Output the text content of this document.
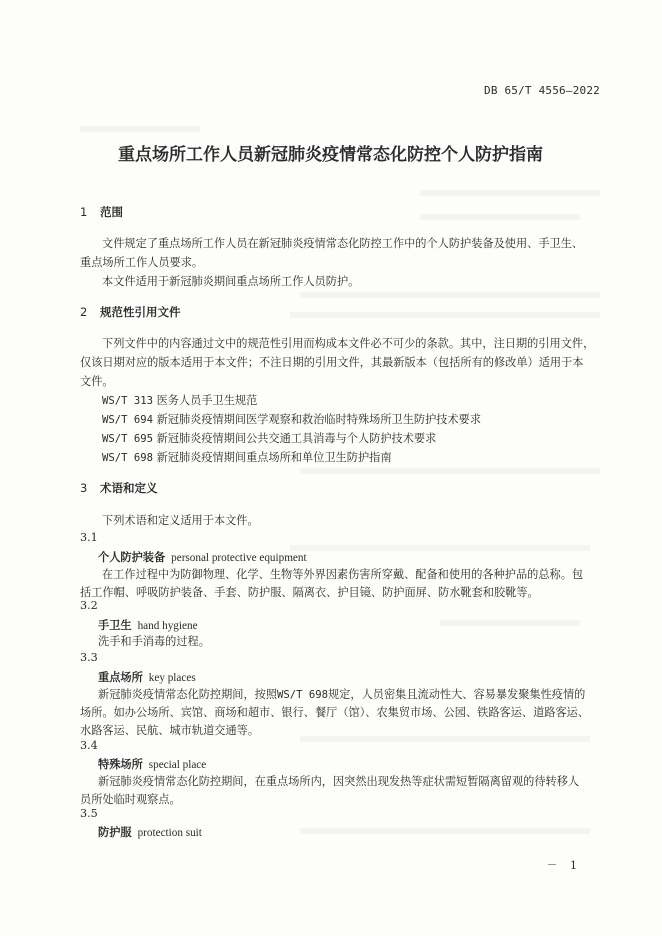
DB 65/T 4556—2022
重点场所工作人员新冠肺炎疫情常态化防控个人防护指南
1 范围
文件规定了重点场所工作人员在新冠肺炎疫情常态化防控工作中的个人防护装备及使用、手卫生、
重点场所工作人员要求。
本文件适用于新冠肺炎期间重点场所工作人员防护。
2 规范性引用文件
下列文件中的内容通过文中的规范性引用而构成本文件必不可少的条款。其中，注日期的引用文件，
仅该日期对应的版本适用于本文件；不注日期的引用文件，其最新版本（包括所有的修改单）适用于本
文件。
WS/T 313 医务人员手卫生规范
WS/T 694 新冠肺炎疫情期间医学观察和救治临时特殊场所卫生防护技术要求
WS/T 695 新冠肺炎疫情期间公共交通工具消毒与个人防护技术要求
WS/T 698 新冠肺炎疫情期间重点场所和单位卫生防护指南
3 术语和定义
下列术语和定义适用于本文件。
3.1
个人防护装备 personal protective equipment
在工作过程中为防御物理、化学、生物等外界因素伤害所穿戴、配备和使用的各种护品的总称。包
括工作帽、呼吸防护装备、手套、防护服、隔离衣、护目镜、防护面屏、防水靴套和胶靴等。
3.2
手卫生 hand hygiene
洗手和手消毒的过程。
3.3
重点场所 key places
新冠肺炎疫情常态化防控期间，按照WS/T 698规定，人员密集且流动性大、容易暴发聚集性疫情的
场所。如办公场所、宾馆、商场和超市、银行、餐厅（馆）、农集贸市场、公园、铁路客运、道路客运、
水路客运、民航、城市轨道交通等。
3.4
特殊场所 special place
新冠肺炎疫情常态化防控期间，在重点场所内，因突然出现发热等症状需短暂隔离留观的待转移人
员所处临时观察点。
3.5
防护服 protection suit
1
